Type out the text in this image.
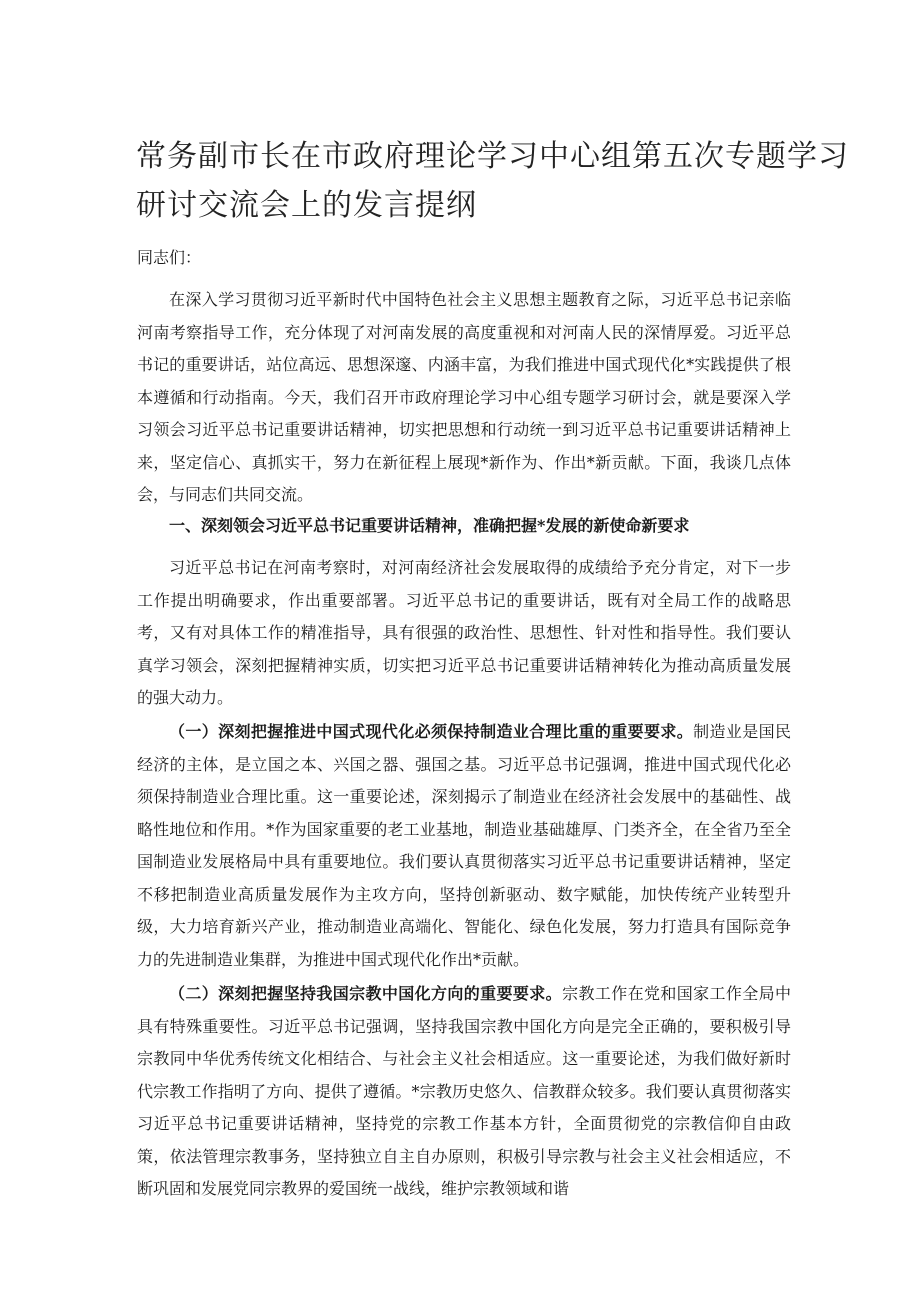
常务副市长在市政府理论学习中心组第五次专题学习
研讨交流会上的发言提纲

同志们：

在深入学习贯彻习近平新时代中国特色社会主义思想主题教育之际，习近平总书记亲临河南考察指导工作，充分体现了对河南发展的高度重视和对河南人民的深情厚爱。习近平总书记的重要讲话，站位高远、思想深邃、内涵丰富，为我们推进中国式现代化*实践提供了根本遵循和行动指南。今天，我们召开市政府理论学习中心组专题学习研讨会，就是要深入学习领会习近平总书记重要讲话精神，切实把思想和行动统一到习近平总书记重要讲话精神上来，坚定信心、真抓实干，努力在新征程上展现*新作为、作出*新贡献。下面，我谈几点体会，与同志们共同交流。

一、深刻领会习近平总书记重要讲话精神，准确把握*发展的新使命新要求

习近平总书记在河南考察时，对河南经济社会发展取得的成绩给予充分肯定，对下一步工作提出明确要求，作出重要部署。习近平总书记的重要讲话，既有对全局工作的战略思考，又有对具体工作的精准指导，具有很强的政治性、思想性、针对性和指导性。我们要认真学习领会，深刻把握精神实质，切实把习近平总书记重要讲话精神转化为推动高质量发展的强大动力。

（一）深刻把握推进中国式现代化必须保持制造业合理比重的重要要求。制造业是国民经济的主体，是立国之本、兴国之器、强国之基。习近平总书记强调，推进中国式现代化必须保持制造业合理比重。这一重要论述，深刻揭示了制造业在经济社会发展中的基础性、战略性地位和作用。*作为国家重要的老工业基地，制造业基础雄厚、门类齐全，在全省乃至全国制造业发展格局中具有重要地位。我们要认真贯彻落实习近平总书记重要讲话精神，坚定不移把制造业高质量发展作为主攻方向，坚持创新驱动、数字赋能，加快传统产业转型升级，大力培育新兴产业，推动制造业高端化、智能化、绿色化发展，努力打造具有国际竞争力的先进制造业集群，为推进中国式现代化作出*贡献。

（二）深刻把握坚持我国宗教中国化方向的重要要求。宗教工作在党和国家工作全局中具有特殊重要性。习近平总书记强调，坚持我国宗教中国化方向是完全正确的，要积极引导宗教同中华优秀传统文化相结合、与社会主义社会相适应。这一重要论述，为我们做好新时代宗教工作指明了方向、提供了遵循。*宗教历史悠久、信教群众较多。我们要认真贯彻落实习近平总书记重要讲话精神，坚持党的宗教工作基本方针，全面贯彻党的宗教信仰自由政策，依法管理宗教事务，坚持独立自主自办原则，积极引导宗教与社会主义社会相适应，不断巩固和发展党同宗教界的爱国统一战线，维护宗教领域和谐
